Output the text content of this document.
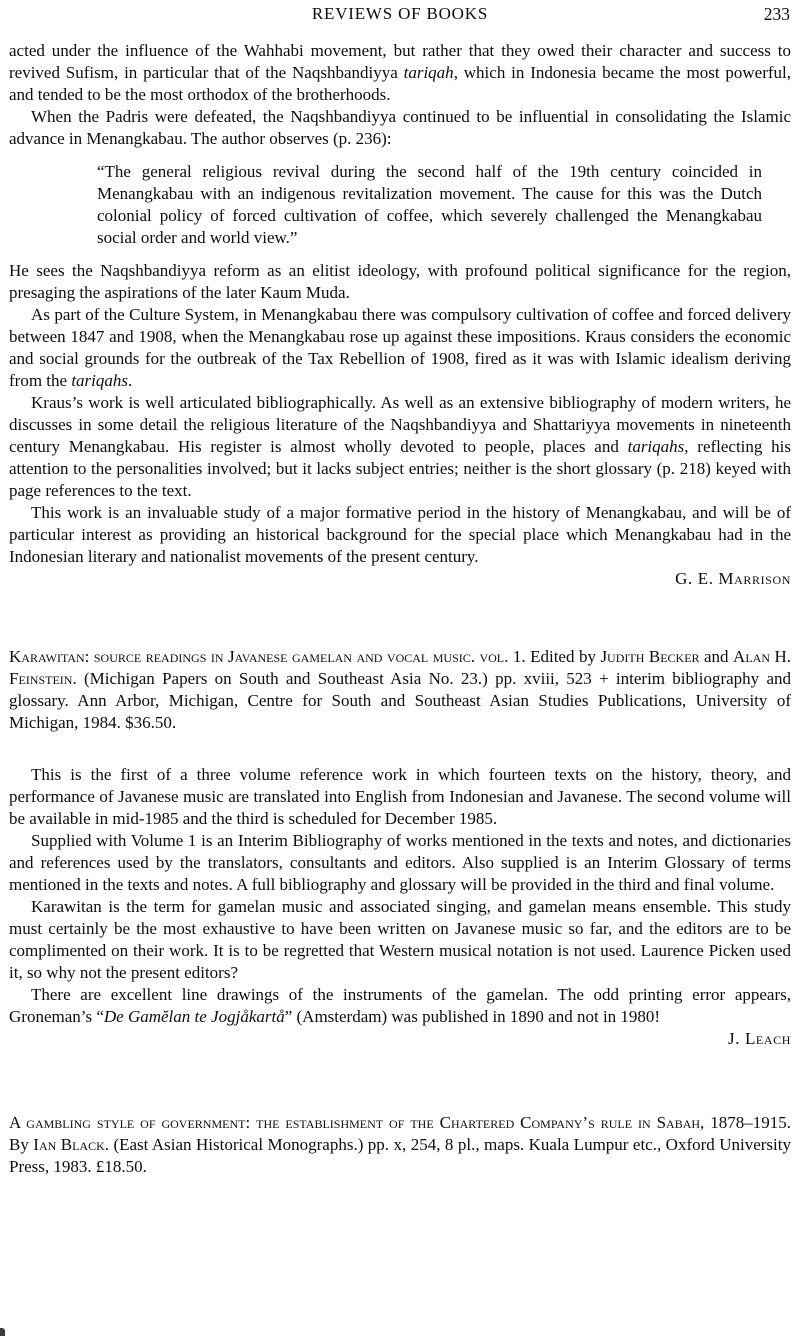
REVIEWS OF BOOKS	233

acted under the influence of the Wahhabi movement, but rather that they owed their character and success to revived Sufism, in particular that of the Naqshbandiyya tariqah, which in Indonesia became the most powerful, and tended to be the most orthodox of the brotherhoods.

When the Padris were defeated, the Naqshbandiyya continued to be influential in consolidating the Islamic advance in Menangkabau. The author observes (p. 236):

“The general religious revival during the second half of the 19th century coincided in Menangkabau with an indigenous revitalization movement. The cause for this was the Dutch colonial policy of forced cultivation of coffee, which severely challenged the Menangkabau social order and world view.”

He sees the Naqshbandiyya reform as an elitist ideology, with profound political significance for the region, presaging the aspirations of the later Kaum Muda.

As part of the Culture System, in Menangkabau there was compulsory cultivation of coffee and forced delivery between 1847 and 1908, when the Menangkabau rose up against these impositions. Kraus considers the economic and social grounds for the outbreak of the Tax Rebellion of 1908, fired as it was with Islamic idealism deriving from the tariqahs.

Kraus’s work is well articulated bibliographically. As well as an extensive bibliography of modern writers, he discusses in some detail the religious literature of the Naqshbandiyya and Shattariyya movements in nineteenth century Menangkabau. His register is almost wholly devoted to people, places and tariqahs, reflecting his attention to the personalities involved; but it lacks subject entries; neither is the short glossary (p. 218) keyed with page references to the text.

This work is an invaluable study of a major formative period in the history of Menangkabau, and will be of particular interest as providing an historical background for the special place which Menangkabau had in the Indonesian literary and nationalist movements of the present century.

G. E. Marrison

Karawitan: source readings in Javanese gamelan and vocal music. vol. 1. Edited by Judith Becker and Alan H. Feinstein. (Michigan Papers on South and Southeast Asia No. 23.) pp. xviii, 523 + interim bibliography and glossary. Ann Arbor, Michigan, Centre for South and Southeast Asian Studies Publications, University of Michigan, 1984. $36.50.

This is the first of a three volume reference work in which fourteen texts on the history, theory, and performance of Javanese music are translated into English from Indonesian and Javanese. The second volume will be available in mid-1985 and the third is scheduled for December 1985.

Supplied with Volume 1 is an Interim Bibliography of works mentioned in the texts and notes, and dictionaries and references used by the translators, consultants and editors. Also supplied is an Interim Glossary of terms mentioned in the texts and notes. A full bibliography and glossary will be provided in the third and final volume.

Karawitan is the term for gamelan music and associated singing, and gamelan means ensemble. This study must certainly be the most exhaustive to have been written on Javanese music so far, and the editors are to be complimented on their work. It is to be regretted that Western musical notation is not used. Laurence Picken used it, so why not the present editors?

There are excellent line drawings of the instruments of the gamelan. The odd printing error appears, Groneman’s “De Gamĕlan te Jogjåkartå” (Amsterdam) was published in 1890 and not in 1980!

J. Leach

A gambling style of government: the establishment of the Chartered Company’s rule in Sabah, 1878–1915. By Ian Black. (East Asian Historical Monographs.) pp. x, 254, 8 pl., maps. Kuala Lumpur etc., Oxford University Press, 1983. £18.50.
